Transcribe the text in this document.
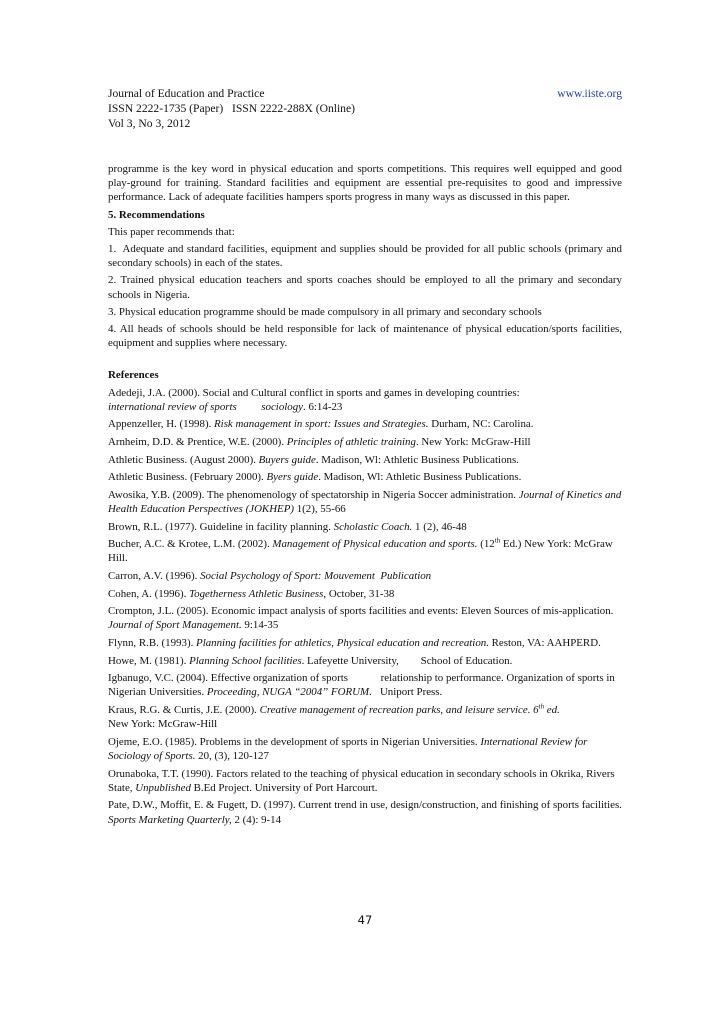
Journal of Education and Practice	www.iiste.org
ISSN 2222-1735 (Paper)   ISSN 2222-288X (Online)
Vol 3, No 3, 2012

programme is the key word in physical education and sports competitions. This requires well equipped and good play-ground for training. Standard facilities and equipment are essential pre-requisites to good and impressive performance. Lack of adequate facilities hampers sports progress in many ways as discussed in this paper.

5. Recommendations

This paper recommends that:

1.  Adequate and standard facilities, equipment and supplies should be provided for all public schools (primary and secondary schools) in each of the states.

2. Trained physical education teachers and sports coaches should be employed to all the primary and secondary schools in Nigeria.

3. Physical education programme should be made compulsory in all primary and secondary schools

4. All heads of schools should be held responsible for lack of maintenance of physical education/sports facilities, equipment and supplies where necessary.

References

Adedeji, J.A. (2000). Social and Cultural conflict in sports and games in developing countries:
international review of sports         sociology. 6:14-23
Appenzeller, H. (1998). Risk management in sport: Issues and Strategies. Durham, NC: Carolina.
Arnheim, D.D. & Prentice, W.E. (2000). Principles of athletic training. New York: McGraw-Hill
Athletic Business. (August 2000). Buyers guide. Madison, Wl: Athletic Business Publications.
Athletic Business. (February 2000). Byers guide. Madison, Wl: Athletic Business Publications.
Awosika, Y.B. (2009). The phenomenology of spectatorship in Nigeria Soccer administration. Journal of Kinetics and        Health Education Perspectives (JOKHEP) 1(2), 55-66
Brown, R.L. (1977). Guideline in facility planning. Scholastic Coach. 1 (2), 46-48
Bucher, A.C. & Krotee, L.M. (2002). Management of Physical education and sports. (12th Ed.) New York: McGraw Hill.
Carron, A.V. (1996). Social Psychology of Sport: Mouvement  Publication
Cohen, A. (1996). Togetherness Athletic Business, October, 31-38
Crompton, J.L. (2005). Economic impact analysis of sports facilities and events: Eleven Sources of mis-application. Journal of Sport Management. 9:14-35
Flynn, R.B. (1993). Planning facilities for athletics, Physical education and recreation. Reston, VA: AAHPERD.
Howe, M. (1981). Planning School facilities. Lafeyette University,        School of Education.
Igbanugo, V.C. (2004). Effective organization of sports            relationship to performance. Organization of sports in              Nigerian Universities. Proceeding, NUGA “2004” FORUM.   Uniport Press.
Kraus, R.G. & Curtis, J.E. (2000). Creative management of recreation parks, and leisure service. 6th ed.
New York: McGraw-Hill
Ojeme, E.O. (1985). Problems in the development of sports in Nigerian Universities. International Review for Sociology of Sports. 20, (3), 120-127
Orunaboka, T.T. (1990). Factors related to the teaching of physical education in secondary schools in Okrika, Rivers State, Unpublished B.Ed Project. University of Port Harcourt.
Pate, D.W., Moffit, E. & Fugett, D. (1997). Current trend in use, design/construction, and finishing of sports facilities. Sports Marketing Quarterly, 2 (4): 9-14
47
